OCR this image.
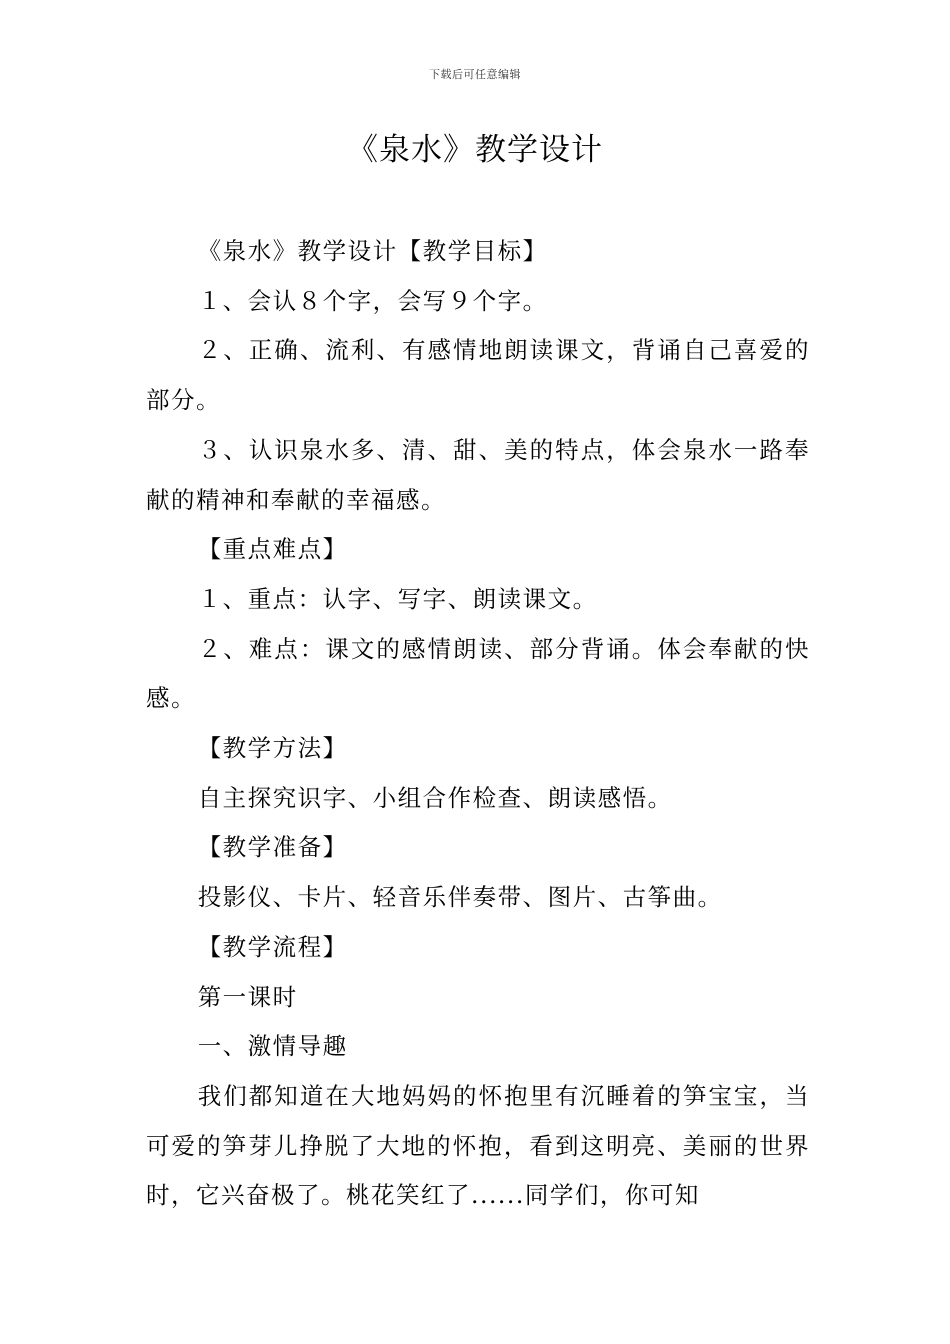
下载后可任意编辑
《泉水》教学设计

《泉水》教学设计【教学目标】

１、会认８个字，会写９个字。

２、正确、流利、有感情地朗读课文，背诵自己喜爱的部分。

３、认识泉水多、清、甜、美的特点，体会泉水一路奉献的精神和奉献的幸福感。

【重点难点】

１、重点：认字、写字、朗读课文。

２、难点：课文的感情朗读、部分背诵。体会奉献的快感。

【教学方法】

自主探究识字、小组合作检查、朗读感悟。

【教学准备】

投影仪、卡片、轻音乐伴奏带、图片、古筝曲。

【教学流程】

第一课时

一、激情导趣

我们都知道在大地妈妈的怀抱里有沉睡着的笋宝宝，当可爱的笋芽儿挣脱了大地的怀抱，看到这明亮、美丽的世界时，它兴奋极了。桃花笑红了......同学们，你可知
